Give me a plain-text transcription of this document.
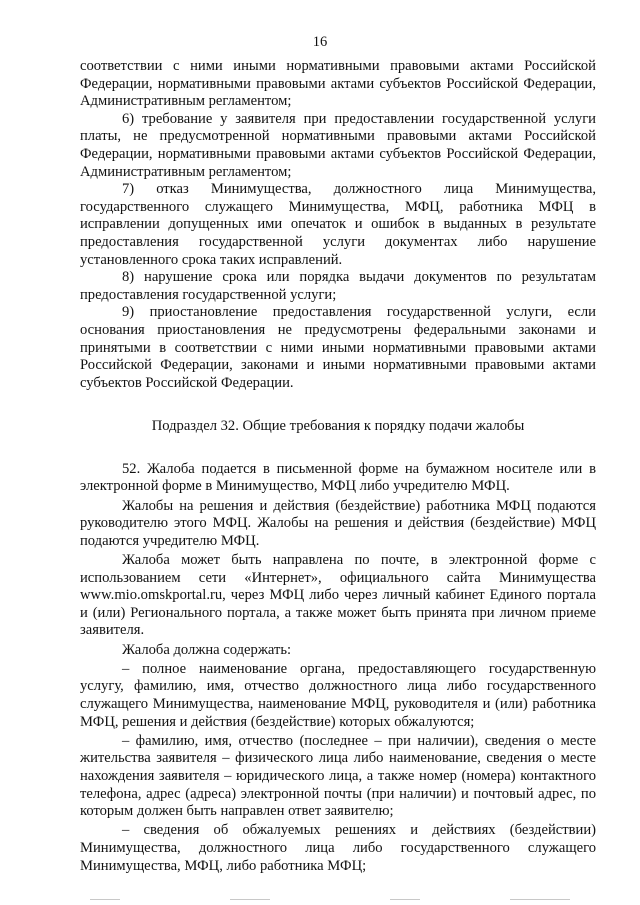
16

соответствии с ними иными нормативными правовыми актами Российской Федерации, нормативными правовыми актами субъектов Российской Федерации, Административным регламентом;

6) требование у заявителя при предоставлении государственной услуги платы, не предусмотренной нормативными правовыми актами Российской Федерации, нормативными правовыми актами субъектов Российской Федерации, Административным регламентом;

7) отказ Минимущества, должностного лица Минимущества, государственного служащего Минимущества, МФЦ, работника МФЦ в исправлении допущенных ими опечаток и ошибок в выданных в результате предоставления государственной услуги документах либо нарушение установленного срока таких исправлений.

8) нарушение срока или порядка выдачи документов по результатам предоставления государственной услуги;

9) приостановление предоставления государственной услуги, если основания приостановления не предусмотрены федеральными законами и принятыми в соответствии с ними иными нормативными правовыми актами Российской Федерации, законами и иными нормативными правовыми актами субъектов Российской Федерации.

Подраздел 32. Общие требования к порядку подачи жалобы

52. Жалоба подается в письменной форме на бумажном носителе или в электронной форме в Минимущество, МФЦ либо учредителю МФЦ.

Жалобы на решения и действия (бездействие) работника МФЦ подаются руководителю этого МФЦ. Жалобы на решения и действия (бездействие) МФЦ подаются учредителю МФЦ.

Жалоба может быть направлена по почте, в электронной форме с использованием сети «Интернет», официального сайта Минимущества www.mio.omskportal.ru, через МФЦ либо через личный кабинет Единого портала и (или) Регионального портала, а также может быть принята при личном приеме заявителя.

Жалоба должна содержать:

– полное наименование органа, предоставляющего государственную услугу, фамилию, имя, отчество должностного лица либо государственного служащего Минимущества, наименование МФЦ, руководителя и (или) работника МФЦ, решения и действия (бездействие) которых обжалуются;

– фамилию, имя, отчество (последнее – при наличии), сведения о месте жительства заявителя – физического лица либо наименование, сведения о месте нахождения заявителя – юридического лица, а также номер (номера) контактного телефона, адрес (адреса) электронной почты (при наличии) и почтовый адрес, по которым должен быть направлен ответ заявителю;

– сведения об обжалуемых решениях и действиях (бездействии) Минимущества, должностного лица либо государственного служащего Минимущества, МФЦ, либо работника МФЦ;
